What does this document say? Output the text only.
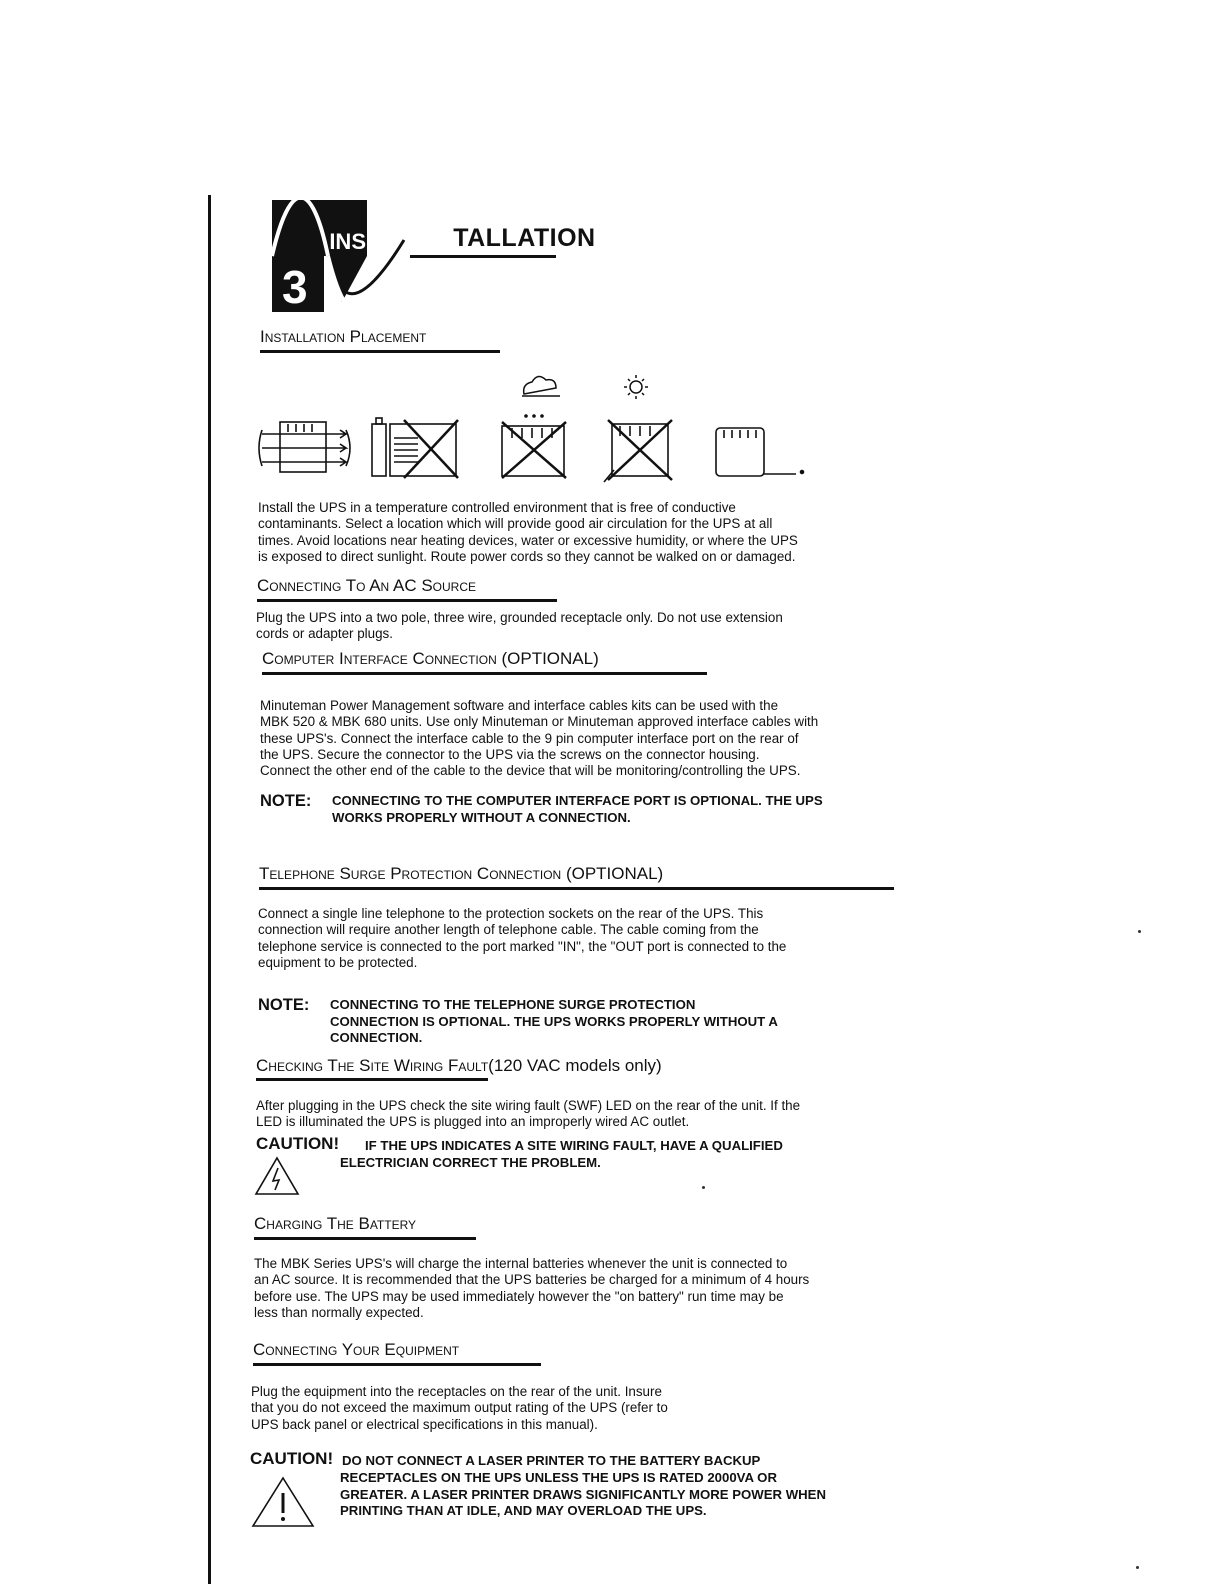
INS
3
TALLATION
Installation Placement

Install the UPS in a temperature controlled environment that is free of conductive
contaminants. Select a location which will provide good air circulation for the UPS at all
times. Avoid locations near heating devices, water or excessive humidity, or where the UPS
is exposed to direct sunlight. Route power cords so they cannot be walked on or damaged.

Connecting To An AC Source

Plug the UPS into a two pole, three wire, grounded receptacle only. Do not use extension
cords or adapter plugs.

Computer Interface Connection (OPTIONAL)

Minuteman Power Management software and interface cables kits can be used with the
MBK 520 & MBK 680 units. Use only Minuteman or Minuteman approved interface cables with
these UPS's. Connect the interface cable to the 9 pin computer interface port on the rear of
the UPS. Secure the connector to the UPS via the screws on the connector housing.
Connect the other end of the cable to the device that will be monitoring/controlling the UPS.

NOTE:	CONNECTING TO THE COMPUTER INTERFACE PORT IS OPTIONAL. THE UPS
WORKS PROPERLY WITHOUT A CONNECTION.

Telephone Surge Protection Connection (OPTIONAL)

Connect a single line telephone to the protection sockets on the rear of the UPS. This
connection will require another length of telephone cable. The cable coming from the
telephone service is connected to the port marked "IN", the "OUT port is connected to the
equipment to be protected.

NOTE:	CONNECTING TO THE TELEPHONE SURGE PROTECTION
CONNECTION IS OPTIONAL. THE UPS WORKS PROPERLY WITHOUT A
CONNECTION.

Checking The Site Wiring Fault(120 VAC models only)

After plugging in the UPS check the site wiring fault (SWF) LED on the rear of the unit. If the
LED is illuminated the UPS is plugged into an improperly wired AC outlet.

CAUTION!	IF THE UPS INDICATES A SITE WIRING FAULT, HAVE A QUALIFIED
ELECTRICIAN CORRECT THE PROBLEM.

Charging The Battery

The MBK Series UPS's will charge the internal batteries whenever the unit is connected to
an AC source. It is recommended that the UPS batteries be charged for a minimum of 4 hours
before use. The UPS may be used immediately however the "on battery" run time may be
less than normally expected.

Connecting Your Equipment

Plug the equipment into the receptacles on the rear of the unit. Insure
that you do not exceed the maximum output rating of the UPS (refer to
UPS back panel or electrical specifications in this manual).

CAUTION! DO NOT CONNECT A LASER PRINTER TO THE BATTERY BACKUP
RECEPTACLES ON THE UPS UNLESS THE UPS IS RATED 2000VA OR
GREATER. A LASER PRINTER DRAWS SIGNIFICANTLY MORE POWER WHEN
PRINTING THAN AT IDLE, AND MAY OVERLOAD THE UPS.
